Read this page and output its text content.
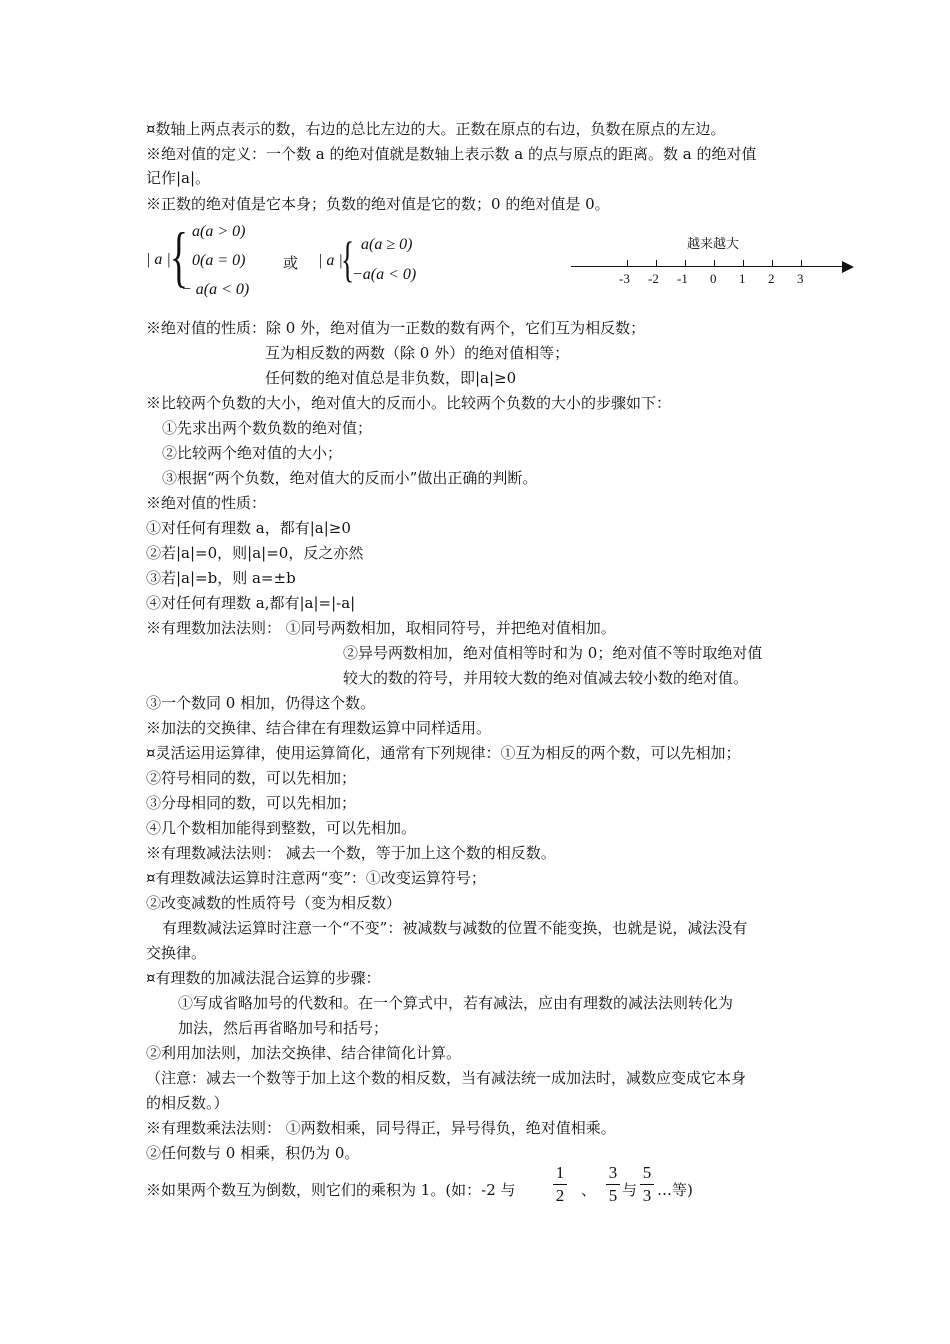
¤数轴上两点表示的数，右边的总比左边的大。正数在原点的右边，负数在原点的左边。
※绝对值的定义：一个数 a 的绝对值就是数轴上表示数 a 的点与原点的距离。数 a 的绝对值
记作|a|。
※正数的绝对值是它本身；负数的绝对值是它的数；0 的绝对值是 0。
| a | { a(a > 0)
0(a = 0)
− a(a < 0)
或 | a |
{ a(a ≥ 0)
−a(a < 0)
越来越大
-3 -2 -1 0 1 2 3
※绝对值的性质：除 0 外，绝对值为一正数的数有两个，它们互为相反数；
互为相反数的两数（除 0 外）的绝对值相等；
任何数的绝对值总是非负数，即|a|≥0
※比较两个负数的大小，绝对值大的反而小。比较两个负数的大小的步骤如下：
①先求出两个数负数的绝对值；
②比较两个绝对值的大小；
③根据“两个负数，绝对值大的反而小”做出正确的判断。
※绝对值的性质：
①对任何有理数 a，都有|a|≥0
②若|a|=0，则|a|=0，反之亦然
③若|a|=b，则 a=±b
④对任何有理数 a,都有|a|=|-a|
※有理数加法法则： ①同号两数相加，取相同符号，并把绝对值相加。
②异号两数相加，绝对值相等时和为 0；绝对值不等时取绝对值
较大的数的符号，并用较大数的绝对值减去较小数的绝对值。
③一个数同 0 相加，仍得这个数。
※加法的交换律、结合律在有理数运算中同样适用。
¤灵活运用运算律，使用运算简化，通常有下列规律：①互为相反的两个数，可以先相加；
②符号相同的数，可以先相加；
③分母相同的数，可以先相加；
④几个数相加能得到整数，可以先相加。
※有理数减法法则： 减去一个数，等于加上这个数的相反数。
¤有理数减法运算时注意两“变”：①改变运算符号；
②改变减数的性质符号（变为相反数）
有理数减法运算时注意一个“不变”：被减数与减数的位置不能变换，也就是说，减法没有
交换律。
¤有理数的加减法混合运算的步骤：
①写成省略加号的代数和。在一个算式中，若有减法，应由有理数的减法法则转化为
加法，然后再省略加号和括号；
②利用加法则，加法交换律、结合律简化计算。
（注意：减去一个数等于加上这个数的相反数，当有减法统一成加法时，减数应变成它本身
的相反数。）
※有理数乘法法则： ①两数相乘，同号得正，异号得负，绝对值相乘。
②任何数与 0 相乘，积仍为 0。
※如果两个数互为倒数，则它们的乘积为 1。(如：-2 与
1
2 、
3
5 与
5
3 …等)
